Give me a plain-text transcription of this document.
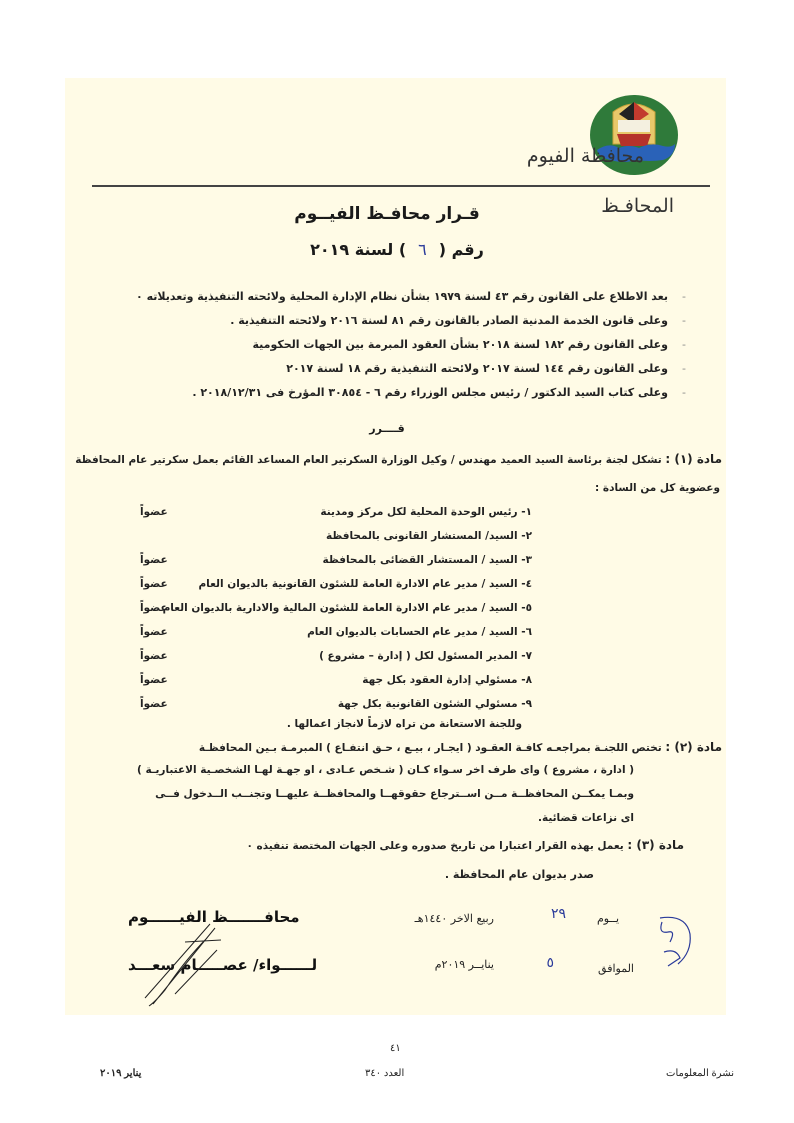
محافظة الفيوم
المحافـظ
قـرار محافـظ الفيــوم
رقم (٦) لسنة ٢٠١٩
-بعد الاطلاع على القانون رقم ٤٣ لسنة ١٩٧٩ بشأن نظام الإدارة المحلية ولائحته التنفيذية وتعديلاته ٠
-وعلى قانون الخدمة المدنية الصادر بالقانون رقم ٨١ لسنة ٢٠١٦ ولائحته التنفيذية .
-وعلى القانون رقم ١٨٢ لسنة ٢٠١٨ بشأن العقود المبرمة بين الجهات الحكومية
-وعلى القانون رقم ١٤٤ لسنة ٢٠١٧ ولائحته التنفيذية رقم ١٨ لسنة ٢٠١٧
-وعلى كتاب السيد الدكتور / رئيس مجلس الوزراء رقم ٦ - ٣٠٨٥٤ المؤرخ فى ٢٠١٨/١٢/٣١ .
قــــرر
مادة (١) : تشكل لجنة برئاسة السيد العميد مهندس / وكيل الوزارة السكرتير العام المساعد القائم بعمل سكرتير عام المحافظة
وعضوية كل من السادة :
١- رئيس الوحدة المحلية لكل مركز ومدينة
عضواً
٢- السيد/ المستشار القانونى بالمحافظة
٣- السيد / المستشار القضائى بالمحافظة
عضواً
٤- السيد / مدير عام الادارة العامة للشئون القانونية بالديوان العام
عضواً
٥- السيد / مدير عام الادارة العامة للشئون المالية والادارية بالديوان العام
عضواً
٦- السيد / مدير عام الحسابات بالديوان العام
عضواً
٧- المدير المسئول لكل ( إدارة – مشروع )
عضواً
٨- مسئولي إدارة العقود بكل جهة
عضواً
٩- مسئولي الشئون القانونية بكل جهة
عضواً
وللجنة الاستعانة من تراه لازماً لانجاز اعمالها .
مادة (٢) : تختص اللجنـة بمراجعـه كافـة العقـود ( ايجـار ، بيـع ، حـق انتفـاع ) المبرمـة بـين المحافظـة
( ادارة ، مشروع ) واى طرف اخر سـواء كـان ( شـخص عـادى ، او جهـة لهـا الشخصـية الاعتباريـة )
وبمـا يمكــن المحافظــة مــن اســترجاع حقوقهــا والمحافظــة عليهــا وتجنــب الــدخول فــى
اى نزاعات قضائية.
مادة (٣) : يعمل بهذه القرار اعتبارا من تاريخ صدوره وعلى الجهات المختصة تنفيذه ٠
صدر بديوان عام المحافظة .
يــوم
٢٩
ربيع الاخر ١٤٤٠هـ
الموافق
٥
ينايــر ٢٠١٩م
محافـــــــظ الفيــــــوم
لــــــواء/ عصـــــام سعـــد
٤١
نشرة المعلومات
العدد ٣٤٠
يناير ٢٠١٩
